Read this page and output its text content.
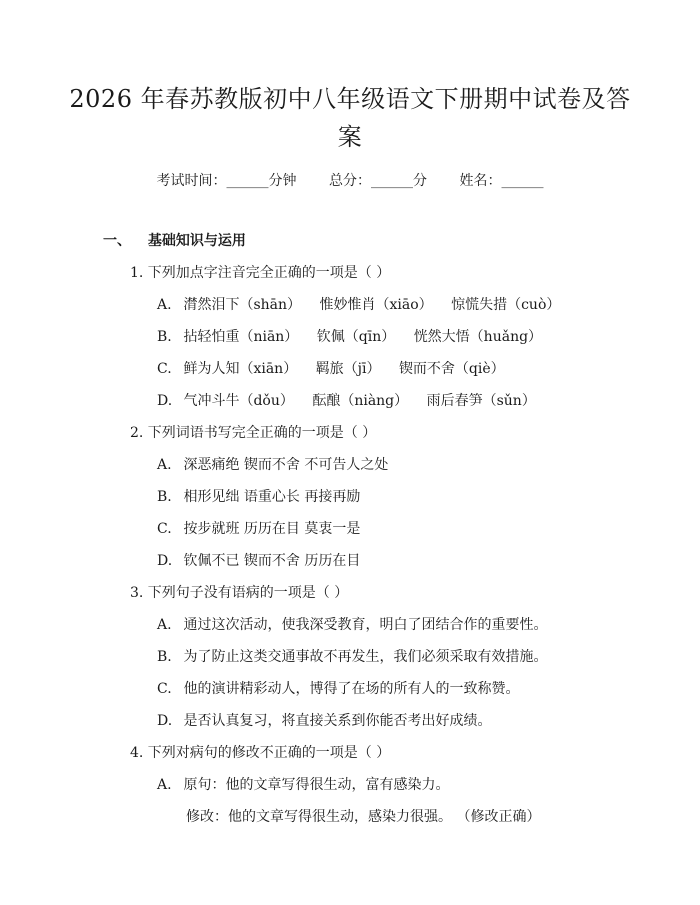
2026 年春苏教版初中八年级语文下册期中试卷及答案
考试时间：______分钟 总分：______分 姓名：______
一、 基础知识与运用
1. 下列加点字注音完全正确的一项是（ ）
A. 潸然泪下（shān） 惟妙惟肖（xiāo） 惊慌失措（cuò）
B. 拈轻怕重（niān） 钦佩（qīn） 恍然大悟（huǎng）
C. 鲜为人知（xiān） 羁旅（jī） 锲而不舍（qiè）
D. 气冲斗牛（dǒu） 酝酿（niàng） 雨后春笋（sǔn）
2. 下列词语书写完全正确的一项是（ ）
A. 深恶痛绝 锲而不舍 不可告人之处
B. 相形见绌 语重心长 再接再励
C. 按步就班 历历在目 莫衷一是
D. 钦佩不已 锲而不舍 历历在目
3. 下列句子没有语病的一项是（ ）
A. 通过这次活动，使我深受教育，明白了团结合作的重要性。
B. 为了防止这类交通事故不再发生，我们必须采取有效措施。
C. 他的演讲精彩动人，博得了在场的所有人的一致称赞。
D. 是否认真复习，将直接关系到你能否考出好成绩。
4. 下列对病句的修改不正确的一项是（ ）
A. 原句：他的文章写得很生动，富有感染力。
修改：他的文章写得很生动，感染力很强。 （修改正确）
